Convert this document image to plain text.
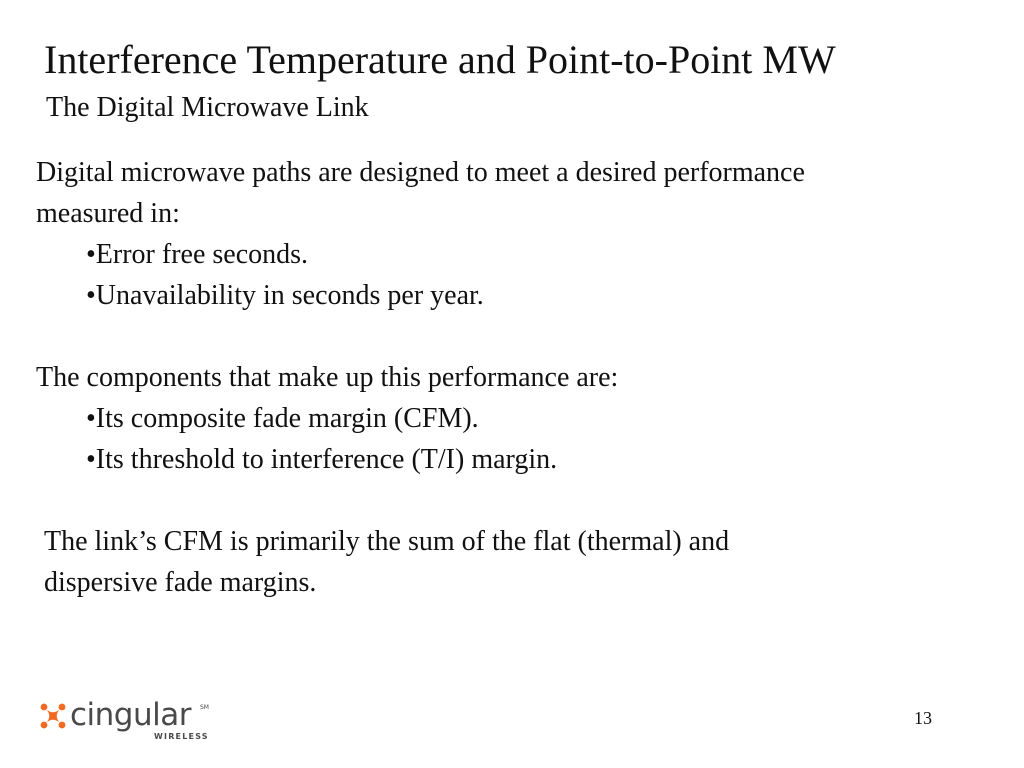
Interference Temperature and Point-to-Point MW
The Digital Microwave Link

Digital microwave paths are designed to meet a desired performance

measured in:

•Error free seconds.
•Unavailability in seconds per year.

The components that make up this performance are:

•Its composite fade margin (CFM).
•Its threshold to interference (T/I) margin.

The link’s CFM is primarily the sum of the flat (thermal) and

dispersive fade margins.

cingular SM
WIRELESS
13
